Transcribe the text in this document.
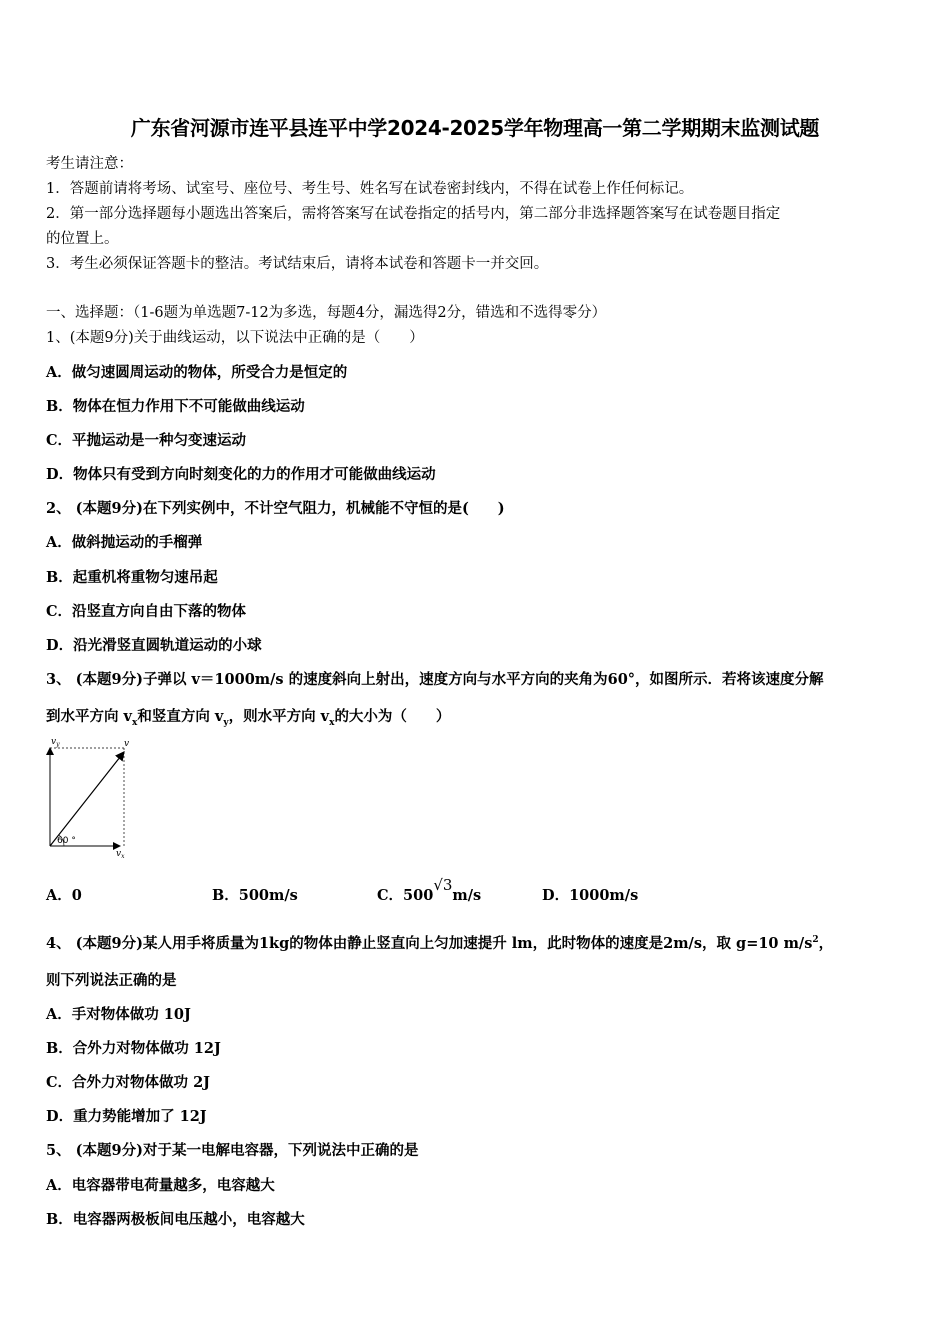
广东省河源市连平县连平中学2024-2025学年物理高一第二学期期末监测试题
考生请注意：
1．答题前请将考场、试室号、座位号、考生号、姓名写在试卷密封线内，不得在试卷上作任何标记。
2．第一部分选择题每小题选出答案后，需将答案写在试卷指定的括号内，第二部分非选择题答案写在试卷题目指定
的位置上。
3．考生必须保证答题卡的整洁。考试结束后，请将本试卷和答题卡一并交回。
一、选择题：（1-6题为单选题7-12为多选，每题4分，漏选得2分，错选和不选得零分）
1、(本题9分)关于曲线运动，以下说法中正确的是（　　）
A．做匀速圆周运动的物体，所受合力是恒定的
B．物体在恒力作用下不可能做曲线运动
C．平抛运动是一种匀变速运动
D．物体只有受到方向时刻变化的力的作用才可能做曲线运动
2、 (本题9分)在下列实例中，不计空气阻力，机械能不守恒的是(　　)
A．做斜抛运动的手榴弹
B．起重机将重物匀速吊起
C．沿竖直方向自由下落的物体
D．沿光滑竖直圆轨道运动的小球
3、 (本题9分)子弹以 v＝1000m/s 的速度斜向上射出，速度方向与水平方向的夹角为60°，如图所示．若将该速度分解
到水平方向 $v_x$和竖直方向 $v_y$，则水平方向 $v_x$的大小为（　　）
$v_y$	v
$v_x$
60 °
A．0	B．500m/s	C．500√3m/s	D．1000m/s
4、 (本题9分)某人用手将质量为1kg的物体由静止竖直向上匀加速提升 lm，此时物体的速度是2m/s，取 g=10 $m/s^2$，
则下列说法正确的是
A．手对物体做功 10J
B．合外力对物体做功 12J
C．合外力对物体做功 2J
D．重力势能增加了 12J
5、 (本题9分)对于某一电解电容器，下列说法中正确的是
A．电容器带电荷量越多，电容越大
B．电容器两极板间电压越小，电容越大
